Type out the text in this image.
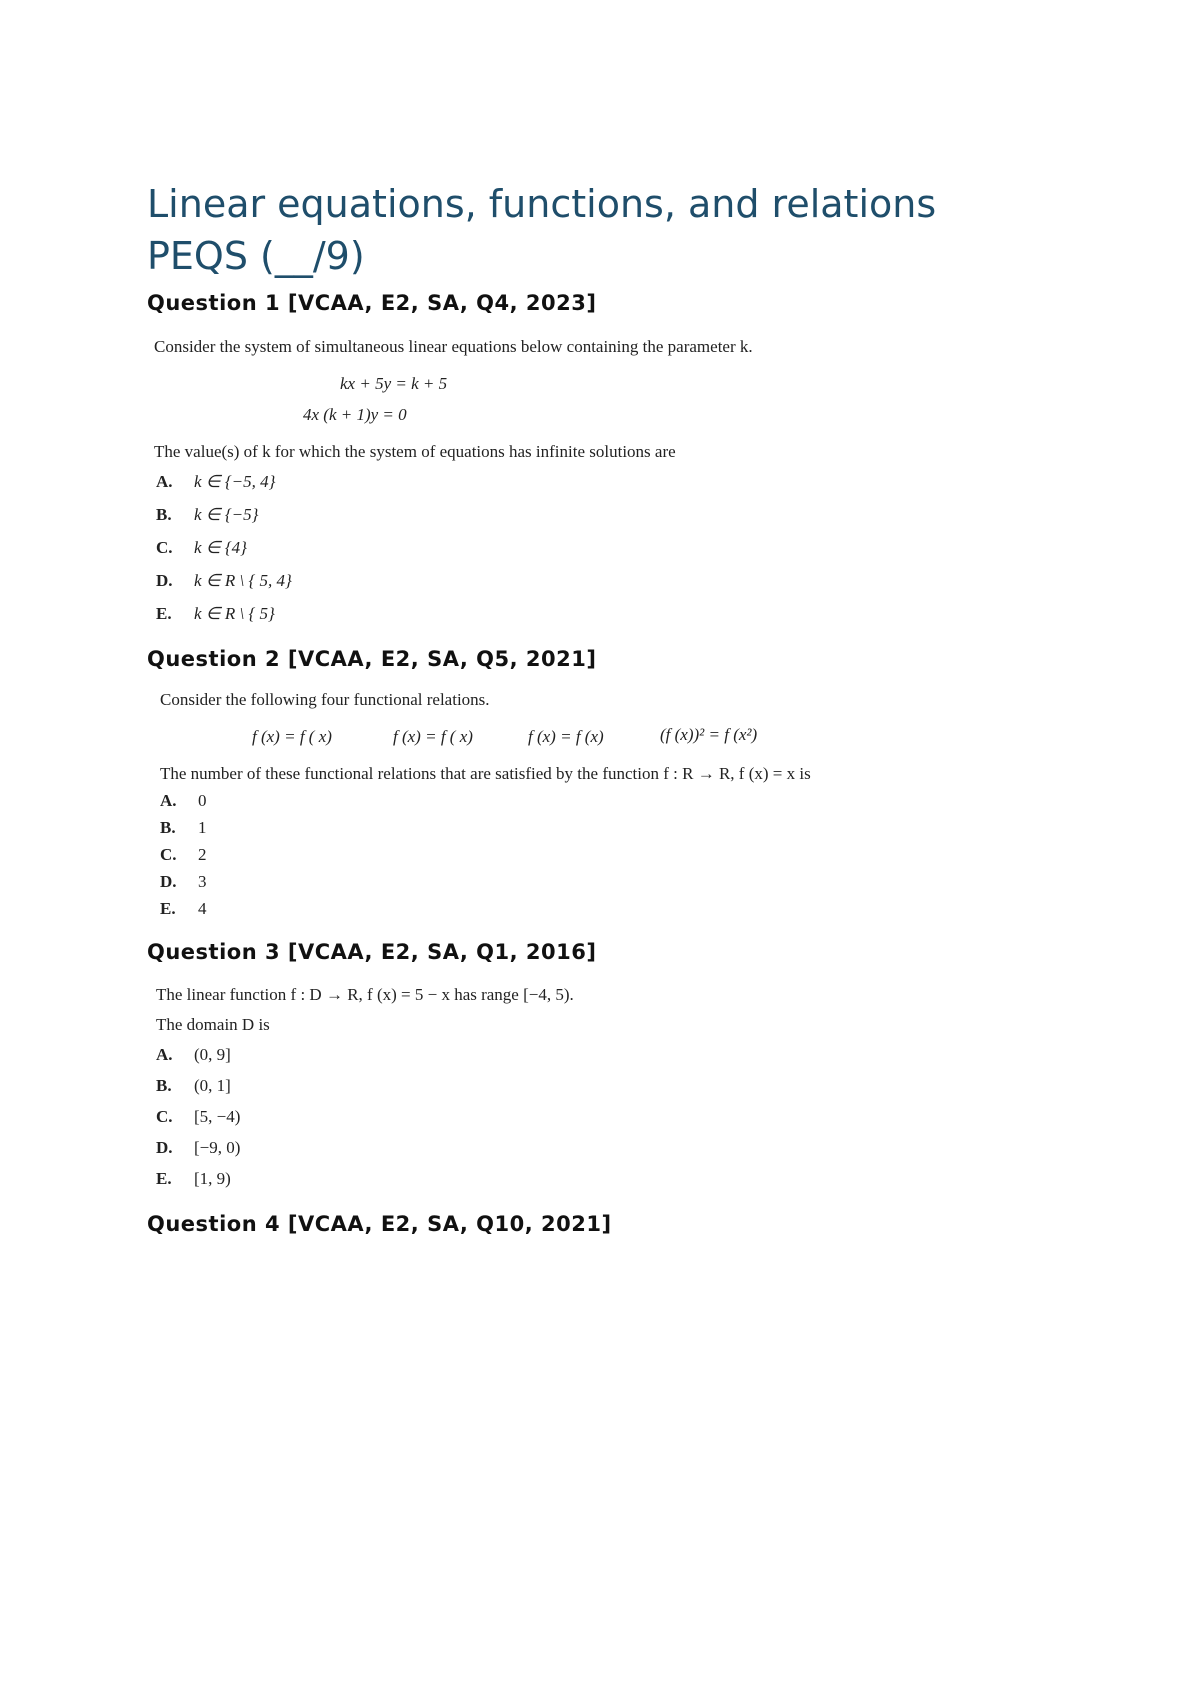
Linear equations, functions, and relations
PEQS (__/9)
Question 1 [VCAA, E2, SA, Q4, 2023]
Consider the system of simultaneous linear equations below containing the parameter k.
kx + 5y = k + 5
4x (k + 1)y = 0
The value(s) of k for which the system of equations has infinite solutions are
A. k ∈ {−5, 4}
B. k ∈ {−5}
C. k ∈ {4}
D. k ∈ R \ { 5, 4}
E. k ∈ R \ { 5}
Question 2 [VCAA, E2, SA, Q5, 2021]
Consider the following four functional relations.
f (x) = f ( x)	f (x) = f ( x)	f (x) = f (x)	(f (x))² = f (x²)
The number of these functional relations that are satisfied by the function f : R → R, f (x) = x is
A. 0
B. 1
C. 2
D. 3
E. 4
Question 3 [VCAA, E2, SA, Q1, 2016]
The linear function f : D → R, f (x) = 5 − x has range [−4, 5).
The domain D is
A. (0, 9]
B. (0, 1]
C. [5, −4)
D. [−9, 0)
E. [1, 9)
Question 4 [VCAA, E2, SA, Q10, 2021]
